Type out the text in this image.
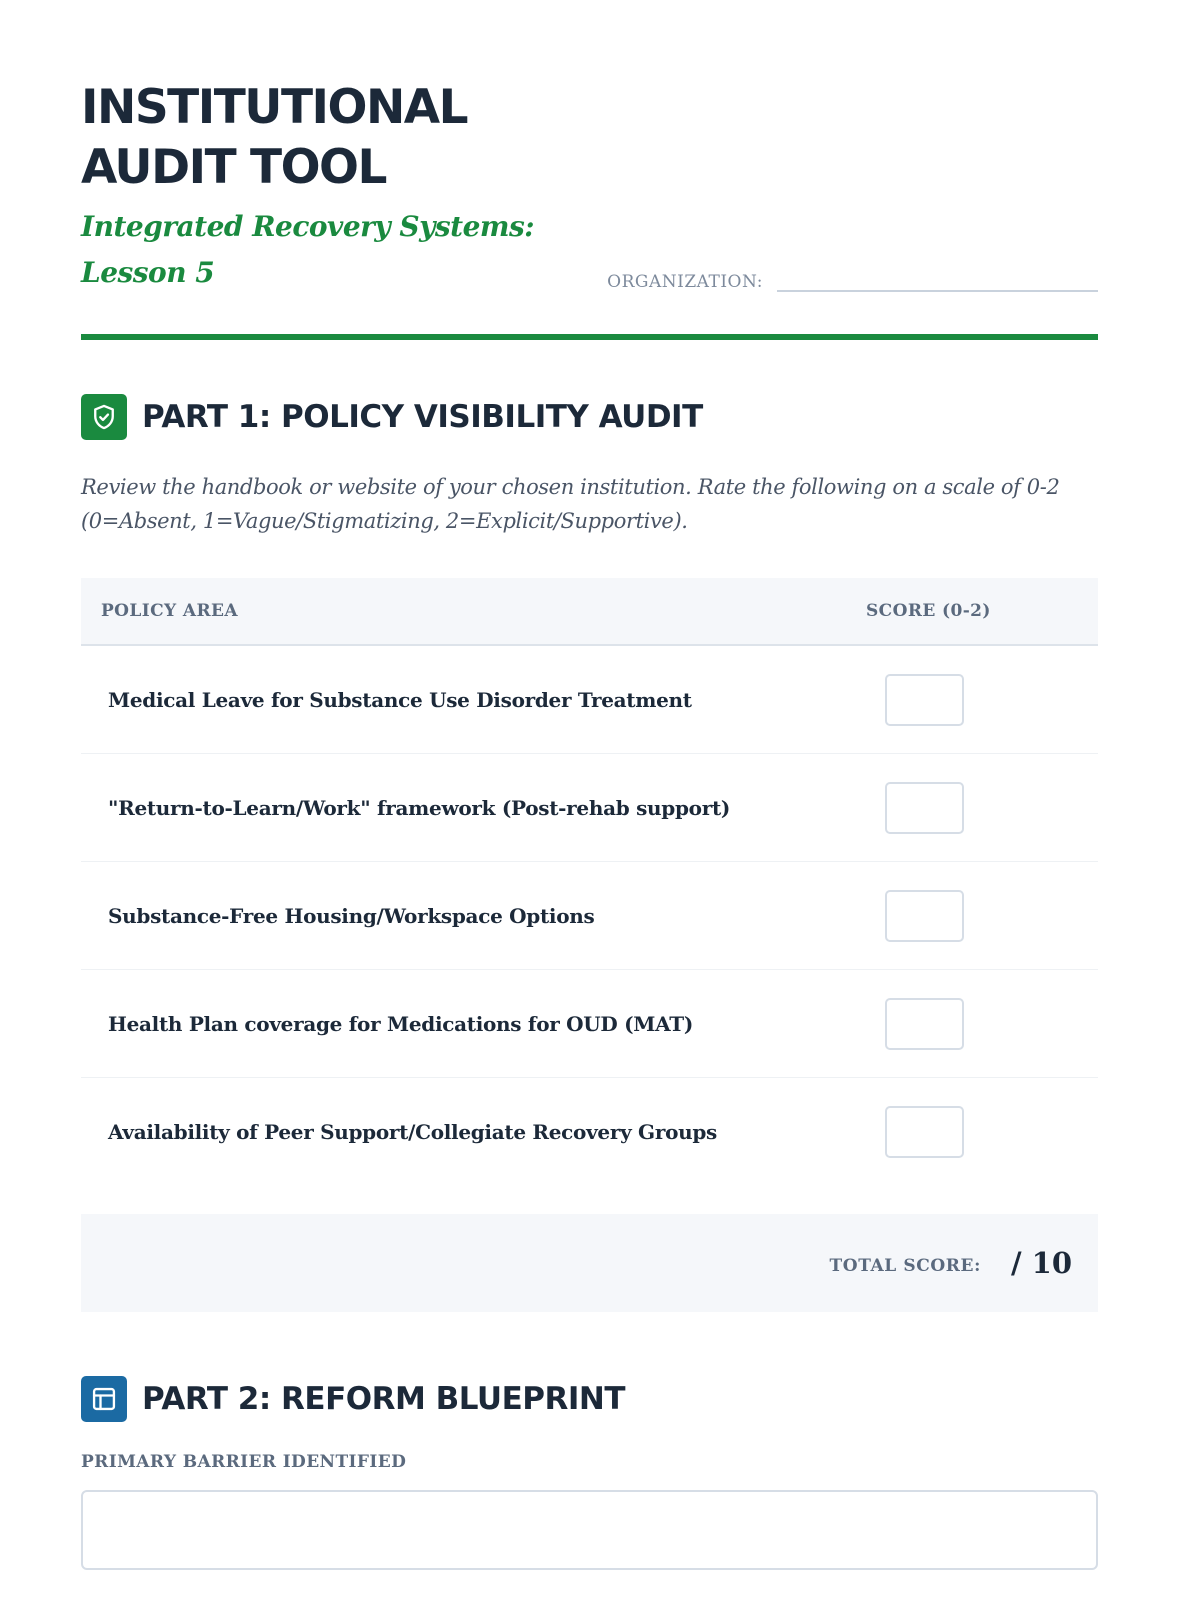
INSTITUTIONAL AUDIT TOOL
Integrated Recovery Systems: Lesson 5	ORGANIZATION:
PART 1: POLICY VISIBILITY AUDIT

Review the handbook or website of your chosen institution. Rate the following on a scale of 0-2 (0=Absent, 1=Vague/Stigmatizing, 2=Explicit/Supportive).

POLICY AREA	SCORE (0-2)
Medical Leave for Substance Use Disorder Treatment
"Return-to-Learn/Work" framework (Post-rehab support)
Substance-Free Housing/Workspace Options
Health Plan coverage for Medications for OUD (MAT)
Availability of Peer Support/Collegiate Recovery Groups
TOTAL SCORE: / 10
PART 2: REFORM BLUEPRINT
PRIMARY BARRIER IDENTIFIED
